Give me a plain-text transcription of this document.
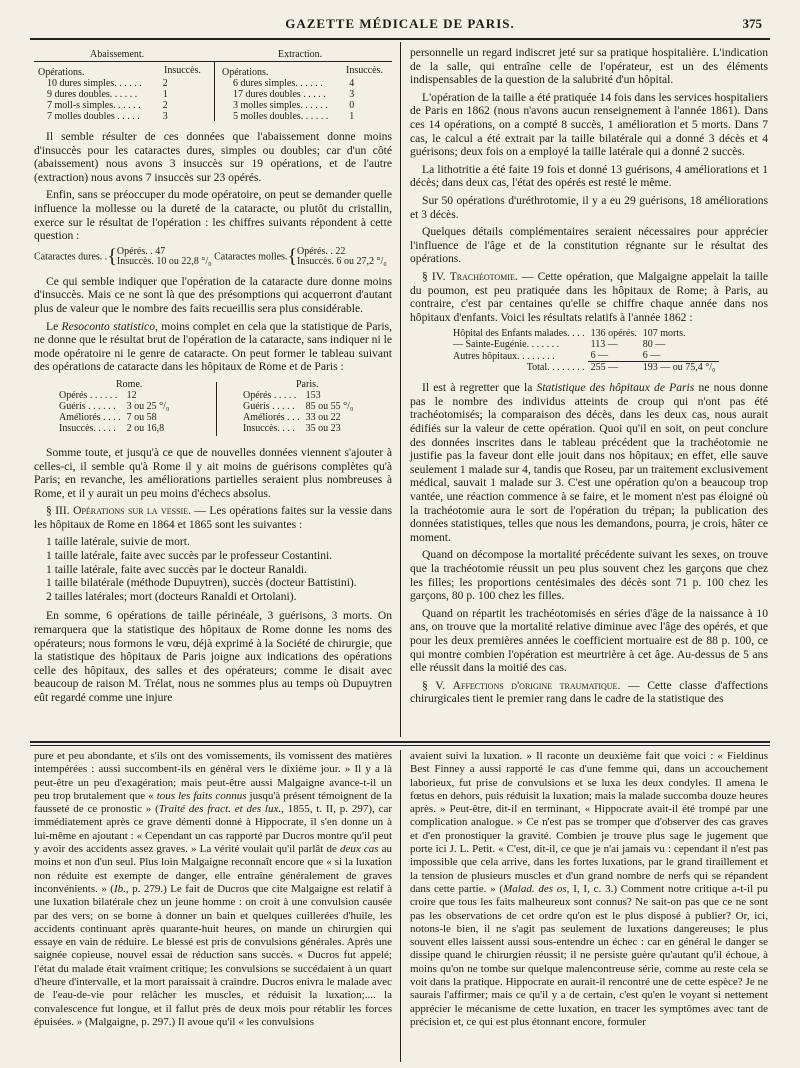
GAZETTE MÉDICALE DE PARIS.	375
Abaissement.	Extraction.
Opérations.	Insuccès. Opérations.	Insuccès.
10 dures simples. . . . . .	2
9 dures doubles. . . . . .	1
7 moll-s simples. . . . . .	2
7 molles doubles . . . . .	3
6 dures simples. . . . . .	4
17 dures doubles . . . . .	3
3 molles simples. . . . . .	0
5 molles doubles. . . . . .	1

Il semble résulter de ces données que l'abaissement donne moins d'insuccès pour les cataractes dures, simples ou doubles; car d'un côté (abaissement) nous avons 3 insuccès sur 19 opérations, et de l'autre (extraction) nous avons 7 insuccès sur 23 opérés.

Enfin, sans se préoccuper du mode opératoire, on peut se demander quelle influence la mollesse ou la dureté de la cataracte, ou plutôt du cristallin, exerce sur le résultat de l'opération : les chiffres suivants répondent à cette question :

Cataractes dures. .{Opérés. . 47
Insuccès. 10 ou 22,8 °/₀ Cataractes molles.{Opérés. . 22
Insuccès. 6 ou 27,2 °/₀

Ce qui semble indiquer que l'opération de la cataracte dure donne moins d'insuccès. Mais ce ne sont là que des présomptions qui acquerront d'autant plus de valeur que le nombre des faits recueillis sera plus considérable.

Le Resoconto statistico, moins complet en cela que la statistique de Paris, ne donne que le résultat brut de l'opération de la cataracte, sans indiquer ni le mode opératoire ni le genre de cataracte. On peut former le tableau suivant des opérations de cataracte dans les hôpitaux de Rome et de Paris :

Rome.	Paris.
Opérés . . . . . .	12
Guéris . . . . . .	3 ou 25 °/₀
Améliorés . . . .	7 ou 58
Insuccès. . . . .	2 ou 16,8
Opérés . . . . .	153
Guéris . . . . .	85 ou 55 °/₀
Améliorés . . .	33 ou 22
Insuccès. . . .	35 ou 23

Somme toute, et jusqu'à ce que de nouvelles données viennent s'ajouter à celles-ci, il semble qu'à Rome il y ait moins de guérisons complètes qu'à Paris; en revanche, les améliorations partielles seraient plus nombreuses à Rome, et il y aurait un peu moins d'échecs absolus.

§ III. Opérations sur la vessie. — Les opérations faites sur la vessie dans les hôpitaux de Rome en 1864 et 1865 sont les suivantes :

1 taille latérale, suivie de mort.
1 taille latérale, faite avec succès par le professeur Costantini.
1 taille latérale, faite avec succès par le docteur Ranaldi.
1 taille bilatérale (méthode Dupuytren), succès (docteur Battistini).
2 tailles latérales; mort (docteurs Ranaldi et Ortolani).

En somme, 6 opérations de taille périnéale, 3 guérisons, 3 morts. On remarquera que la statistique des hôpitaux de Rome donne les noms des opérateurs; nous formons le vœu, déjà exprimé à la Société de chirurgie, que la statistique des hôpitaux de Paris joigne aux indications des opérations celle des hôpitaux, des salles et des opérateurs; comme le disait avec beaucoup de raison M. Trélat, nous ne sommes plus au temps où Dupuytren eût regardé comme une injure

personnelle un regard indiscret jeté sur sa pratique hospitalière. L'indication de la salle, qui entraîne celle de l'opérateur, est un des éléments indispensables de la question de la salubrité d'un hôpital.

L'opération de la taille a été pratiquée 14 fois dans les services hospitaliers de Paris en 1862 (nous n'avons aucun renseignement à l'année 1861). Dans ces 14 opérations, on a compté 8 succès, 1 amélioration et 5 morts. Dans 7 cas, le calcul a été extrait par la taille bilatérale qui a donné 3 décès et 4 guérisons; deux fois on a employé la taille latérale qui a donné 2 succès.

La lithotritie a été faite 19 fois et donné 13 guérisons, 4 améliorations et 1 décès; dans deux cas, l'état des opérés est resté le même.

Sur 50 opérations d'uréthrotomie, il y a eu 29 guérisons, 18 améliorations et 3 décès.

Quelques détails complémentaires seraient nécessaires pour apprécier l'influence de l'âge et de la constitution régnante sur le résultat des opérations.

§ IV. Trachéotomie. — Cette opération, que Malgaigne appelait la taille du poumon, est peu pratiquée dans les hôpitaux de Rome; à Paris, au contraire, c'est par centaines qu'elle se chiffre chaque année dans nos hôpitaux d'enfants. Voici les résultats relatifs à l'année 1862 :

Hôpital des Enfants malades. . . .	136 opérés.	107 morts.
— Sainte-Eugénie. . . . . . .	113 —	80 —
Autres hôpitaux. . . . . . . .	6 —	6 —
Total. . . . . . . .	255 —	193 — ou 75,4 °/₀

Il est à regretter que la Statistique des hôpitaux de Paris ne nous donne pas le nombre des individus atteints de croup qui n'ont pas été trachéotomisés; la comparaison des décès, dans les deux cas, nous aurait édifiés sur la valeur de cette opération. Quoi qu'il en soit, on peut conclure des données inscrites dans le tableau précédent que la trachéotomie ne justifie pas la faveur dont elle jouit dans nos hôpitaux; en effet, elle sauve seulement 1 malade sur 4, tandis que Roseu, par un traitement exclusivement médical, sauvait 1 malade sur 3. C'est une opération qu'on a beaucoup trop vantée, une réaction commence à se faire, et le moment n'est pas éloigné où la trachéotomie aura le sort de l'opération du trépan; la publication des données statistiques, telles que nous les demandons, pourra, je crois, hâter ce moment.

Quand on décompose la mortalité précédente suivant les sexes, on trouve que la trachéotomie réussit un peu plus souvent chez les garçons que chez les filles; les proportions centésimales des décès sont 71 p. 100 chez les garçons, 80 p. 100 chez les filles.

Quand on répartit les trachéotomisés en séries d'âge de la naissance à 10 ans, on trouve que la mortalité relative diminue avec l'âge des opérés, et que pour les deux premières années le coefficient mortuaire est de 88 p. 100, ce qui montre combien l'opération est meurtrière à cet âge. Au-dessus de 5 ans elle réussit dans la moitié des cas.

§ V. Affections d'origine traumatique. — Cette classe d'affections chirurgicales tient le premier rang dans le cadre de la statistique des

pure et peu abondante, et s'ils ont des vomissements, ils vomissent des matières intempérées : aussi succombent-ils en général vers le dixième jour. » Il y a là peut-être un peu d'exagération; mais peut-être aussi Malgaigne avance-t-il un peu trop brutalement que « tous les faits connus jusqu'à présent témoignent de la fausseté de ce pronostic » (Traité des fract. et des lux., 1855, t. II, p. 297), car immédiatement après ce grave démenti donné à Hippocrate, il s'en donne un à lui-même en ajoutant : « Cependant un cas rapporté par Ducros montre qu'il peut y avoir des accidents assez graves. » La vérité voulait qu'il parlât de deux cas au moins et non d'un seul. Plus loin Malgaigne reconnaît encore que « si la luxation non réduite est exempte de danger, elle entraîne généralement de graves inconvénients. » (Ib., p. 279.) Le fait de Ducros que cite Malgaigne est relatif à une luxation bilatérale chez un jeune homme : on croit à une convulsion causée par des vers; on se borne à donner un bain et quelques cuillerées d'huile, les accidents continuant après quarante-huit heures, on mande un chirurgien qui essaye en vain de réduire. Le blessé est pris de convulsions générales. Après une saignée copieuse, nouvel essai de réduction sans succès. « Ducros fut appelé; l'état du malade était vraiment critique; les convulsions se succédaient à un quart d'heure d'intervalle, et la mort paraissait à craindre. Ducros enivra le malade avec de l'eau-de-vie pour relâcher les muscles, et réduisit la luxation;.... la convalescence fut longue, et il fallut près de deux mois pour rétablir les forces épuisées. » (Malgaigne, p. 297.) Il avoue qu'il « les convulsions

avaient suivi la luxation. » Il raconte un deuxième fait que voici : « Fieldinus Best Finney a aussi rapporté le cas d'une femme qui, dans un accouchement laborieux, fut prise de convulsions et se luxa les deux condyles. Il amena le fœtus en dehors, puis réduisit la luxation; mais la malade succomba douze heures après. » Peut-être, dit-il en terminant, « Hippocrate avait-il été trompé par une complication analogue. » Ce n'est pas se tromper que d'observer des cas graves et d'en pronostiquer la gravité. Combien je trouve plus sage le jugement que porte ici J. L. Petit. « C'est, dit-il, ce que je n'ai jamais vu : cependant il n'est pas impossible que cela arrive, dans les fortes luxations, par le grand tiraillement et la tension de plusieurs muscles et d'un grand nombre de nerfs qui se répandent dans cette partie. » (Malad. des os, I, I, c. 3.) Comment notre critique a-t-il pu croire que tous les faits malheureux sont connus? Ne sait-on pas que ce ne sont pas les observations de cet ordre qu'on est le plus disposé à publier? Or, ici, notons-le bien, il ne s'agit pas seulement de luxations dangereuses; le plus souvent elles laissent aussi sous-entendre un échec : car en général le danger se dissipe quand le chirurgien réussit; il ne persiste guère qu'autant qu'il échoue, à moins qu'on ne tombe sur quelque malencontreuse série, comme au reste cela se voit dans la pratique. Hippocrate en aurait-il rencontré une de cette espèce? Je ne saurais l'affirmer; mais ce qu'il y a de certain, c'est qu'en le voyant si nettement apprécier le mécanisme de cette luxation, en tracer les symptômes avec tant de précision et, ce qui est plus étonnant encore, formuler
